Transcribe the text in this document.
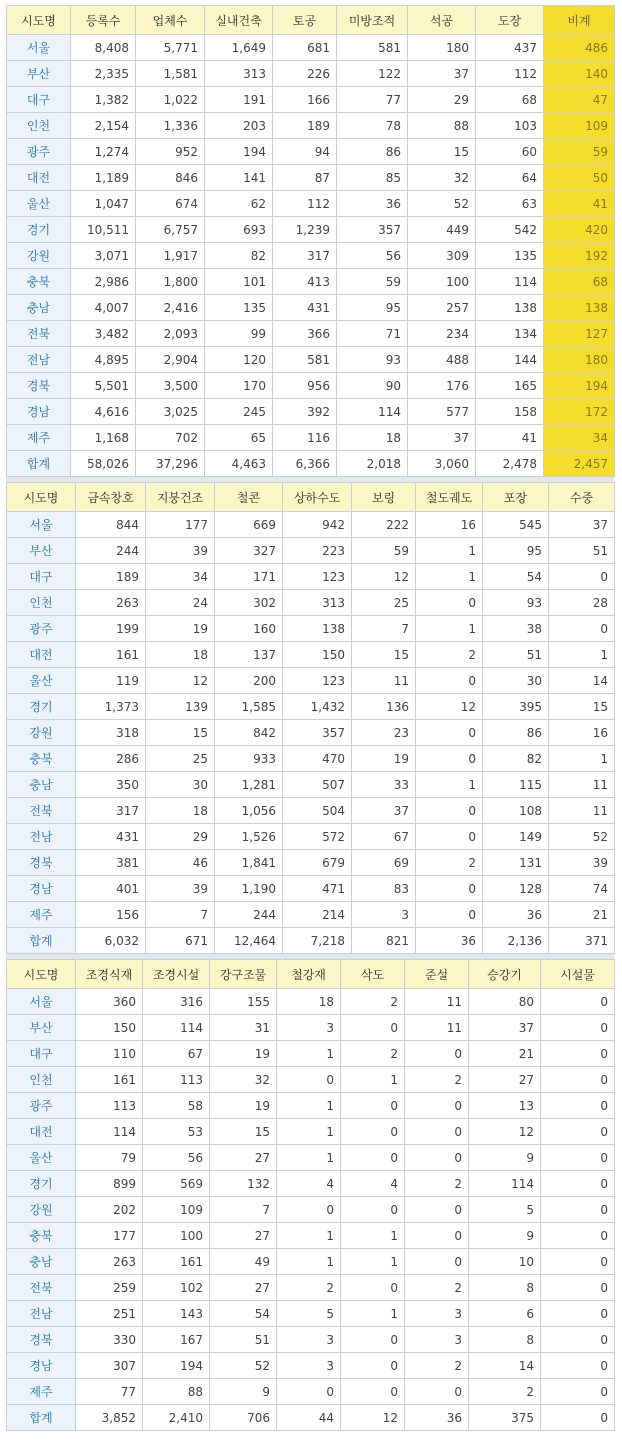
시도명	등록수	업체수	실내건축	토공	미방조적	석공	도장	비계
서울	8,408	5,771	1,649	681	581	180	437	486
부산	2,335	1,581	313	226	122	37	112	140
대구	1,382	1,022	191	166	77	29	68	47
인천	2,154	1,336	203	189	78	88	103	109
광주	1,274	952	194	94	86	15	60	59
대전	1,189	846	141	87	85	32	64	50
울산	1,047	674	62	112	36	52	63	41
경기	10,511	6,757	693	1,239	357	449	542	420
강원	3,071	1,917	82	317	56	309	135	192
충북	2,986	1,800	101	413	59	100	114	68
충남	4,007	2,416	135	431	95	257	138	138
전북	3,482	2,093	99	366	71	234	134	127
전남	4,895	2,904	120	581	93	488	144	180
경북	5,501	3,500	170	956	90	176	165	194
경남	4,616	3,025	245	392	114	577	158	172
제주	1,168	702	65	116	18	37	41	34
합계	58,026	37,296	4,463	6,366	2,018	3,060	2,478	2,457
시도명	금속창호	지붕건조	철콘	상하수도	보링	철도궤도	포장	수중
서울	844	177	669	942	222	16	545	37
부산	244	39	327	223	59	1	95	51
대구	189	34	171	123	12	1	54	0
인천	263	24	302	313	25	0	93	28
광주	199	19	160	138	7	1	38	0
대전	161	18	137	150	15	2	51	1
울산	119	12	200	123	11	0	30	14
경기	1,373	139	1,585	1,432	136	12	395	15
강원	318	15	842	357	23	0	86	16
충북	286	25	933	470	19	0	82	1
충남	350	30	1,281	507	33	1	115	11
전북	317	18	1,056	504	37	0	108	11
전남	431	29	1,526	572	67	0	149	52
경북	381	46	1,841	679	69	2	131	39
경남	401	39	1,190	471	83	0	128	74
제주	156	7	244	214	3	0	36	21
합계	6,032	671	12,464	7,218	821	36	2,136	371
시도명	조경식재	조경시설	강구조물	철강재	삭도	준설	승강기	시설물
서울	360	316	155	18	2	11	80	0
부산	150	114	31	3	0	11	37	0
대구	110	67	19	1	2	0	21	0
인천	161	113	32	0	1	2	27	0
광주	113	58	19	1	0	0	13	0
대전	114	53	15	1	0	0	12	0
울산	79	56	27	1	0	0	9	0
경기	899	569	132	4	4	2	114	0
강원	202	109	7	0	0	0	5	0
충북	177	100	27	1	1	0	9	0
충남	263	161	49	1	1	0	10	0
전북	259	102	27	2	0	2	8	0
전남	251	143	54	5	1	3	6	0
경북	330	167	51	3	0	3	8	0
경남	307	194	52	3	0	2	14	0
제주	77	88	9	0	0	0	2	0
합계	3,852	2,410	706	44	12	36	375	0
